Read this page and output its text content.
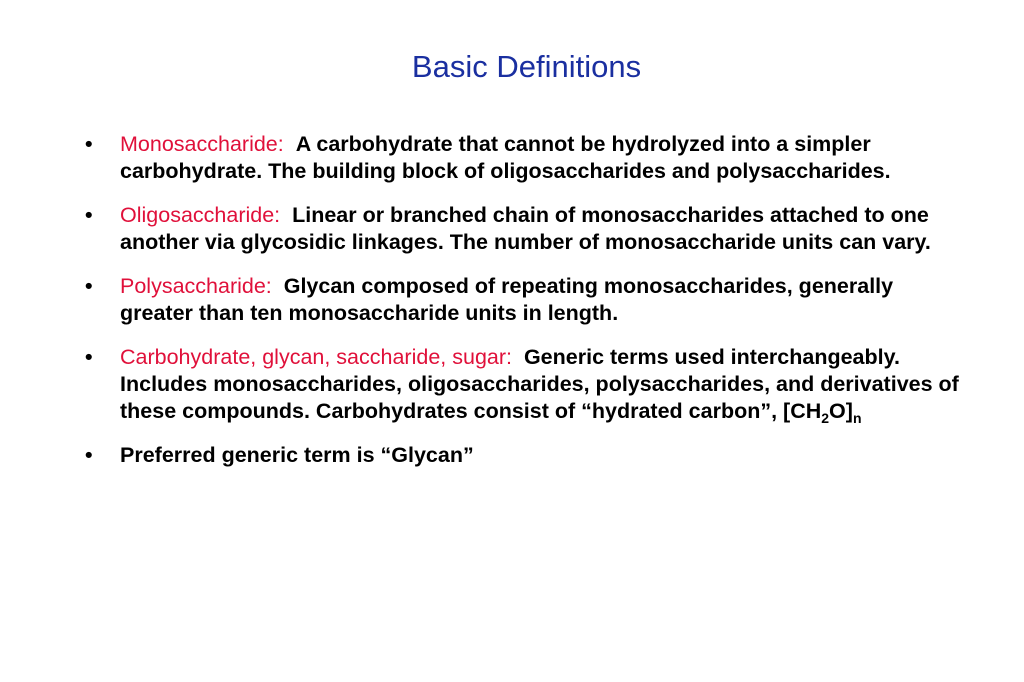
Basic Definitions
• Monosaccharide: A carbohydrate that cannot be hydrolyzed into a simpler carbohydrate. The building block of oligosaccharides and polysaccharides.
• Oligosaccharide: Linear or branched chain of monosaccharides attached to one another via glycosidic linkages. The number of monosaccharide units can vary.
• Polysaccharide: Glycan composed of repeating monosaccharides, generally greater than ten monosaccharide units in length.
• Carbohydrate, glycan, saccharide, sugar: Generic terms used interchangeably. Includes monosaccharides, oligosaccharides, polysaccharides, and derivatives of these compounds. Carbohydrates consist of “hydrated carbon”, $[CH_2O]_n$
• Preferred generic term is “Glycan”
